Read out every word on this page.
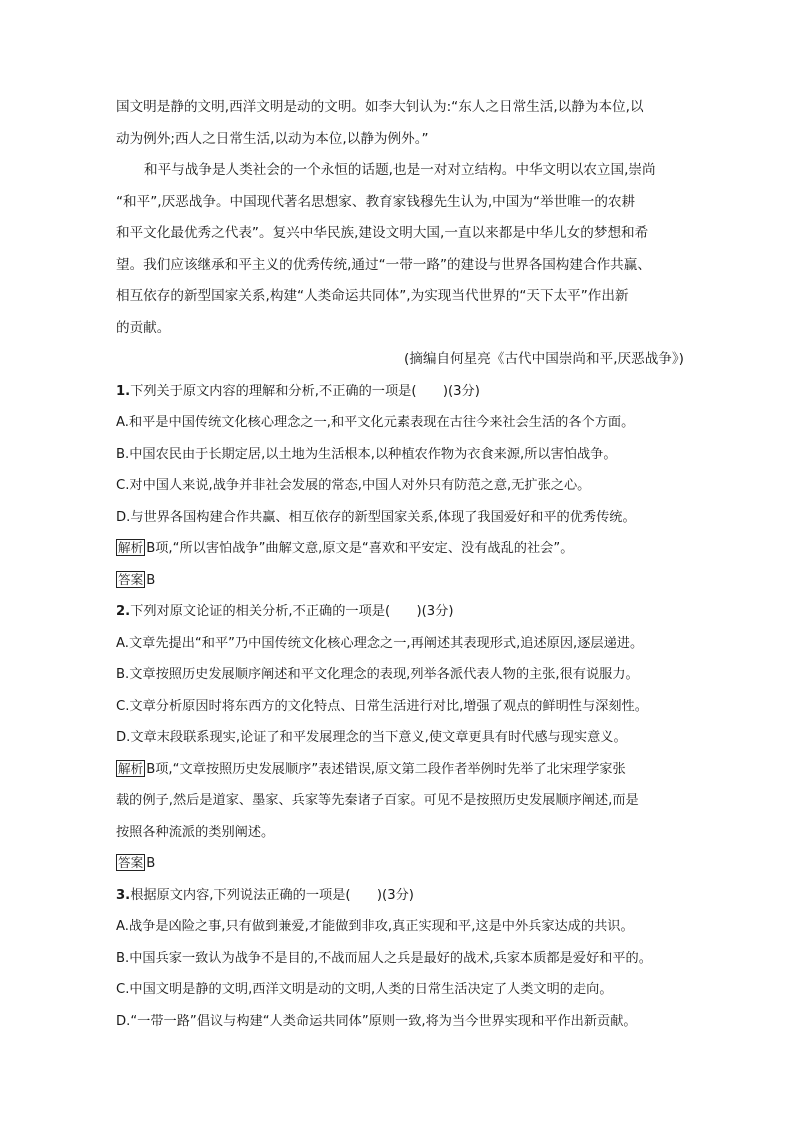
国文明是静的文明,西洋文明是动的文明。如李大钊认为:“东人之日常生活,以静为本位,以
动为例外;西人之日常生活,以动为本位,以静为例外。”
和平与战争是人类社会的一个永恒的话题,也是一对对立结构。中华文明以农立国,崇尚
“和平”,厌恶战争。中国现代著名思想家、教育家钱穆先生认为,中国为“举世唯一的农耕
和平文化最优秀之代表”。复兴中华民族,建设文明大国,一直以来都是中华儿女的梦想和希
望。我们应该继承和平主义的优秀传统,通过“一带一路”的建设与世界各国构建合作共赢、
相互依存的新型国家关系,构建“人类命运共同体”,为实现当代世界的“天下太平”作出新
的贡献。
(摘编自何星亮《古代中国崇尚和平,厌恶战争》)
1.下列关于原文内容的理解和分析,不正确的一项是(　　)(3分)
A.和平是中国传统文化核心理念之一,和平文化元素表现在古往今来社会生活的各个方面。
B.中国农民由于长期定居,以土地为生活根本,以种植农作物为衣食来源,所以害怕战争。
C.对中国人来说,战争并非社会发展的常态,中国人对外只有防范之意,无扩张之心。
D.与世界各国构建合作共赢、相互依存的新型国家关系,体现了我国爱好和平的优秀传统。
解析 B项,“所以害怕战争”曲解文意,原文是“喜欢和平安定、没有战乱的社会”。
答案 B
2.下列对原文论证的相关分析,不正确的一项是(　　)(3分)
A.文章先提出“和平”乃中国传统文化核心理念之一,再阐述其表现形式,追述原因,逐层递进。
B.文章按照历史发展顺序阐述和平文化理念的表现,列举各派代表人物的主张,很有说服力。
C.文章分析原因时将东西方的文化特点、日常生活进行对比,增强了观点的鲜明性与深刻性。
D.文章末段联系现实,论证了和平发展理念的当下意义,使文章更具有时代感与现实意义。
解析 B项,“文章按照历史发展顺序”表述错误,原文第二段作者举例时先举了北宋理学家张
载的例子,然后是道家、墨家、兵家等先秦诸子百家。可见不是按照历史发展顺序阐述,而是
按照各种流派的类别阐述。
答案 B
3.根据原文内容,下列说法正确的一项是(　　)(3分)
A.战争是凶险之事,只有做到兼爱,才能做到非攻,真正实现和平,这是中外兵家达成的共识。
B.中国兵家一致认为战争不是目的,不战而屈人之兵是最好的战术,兵家本质都是爱好和平的。
C.中国文明是静的文明,西洋文明是动的文明,人类的日常生活决定了人类文明的走向。
D.“一带一路”倡议与构建“人类命运共同体”原则一致,将为当今世界实现和平作出新贡献。
